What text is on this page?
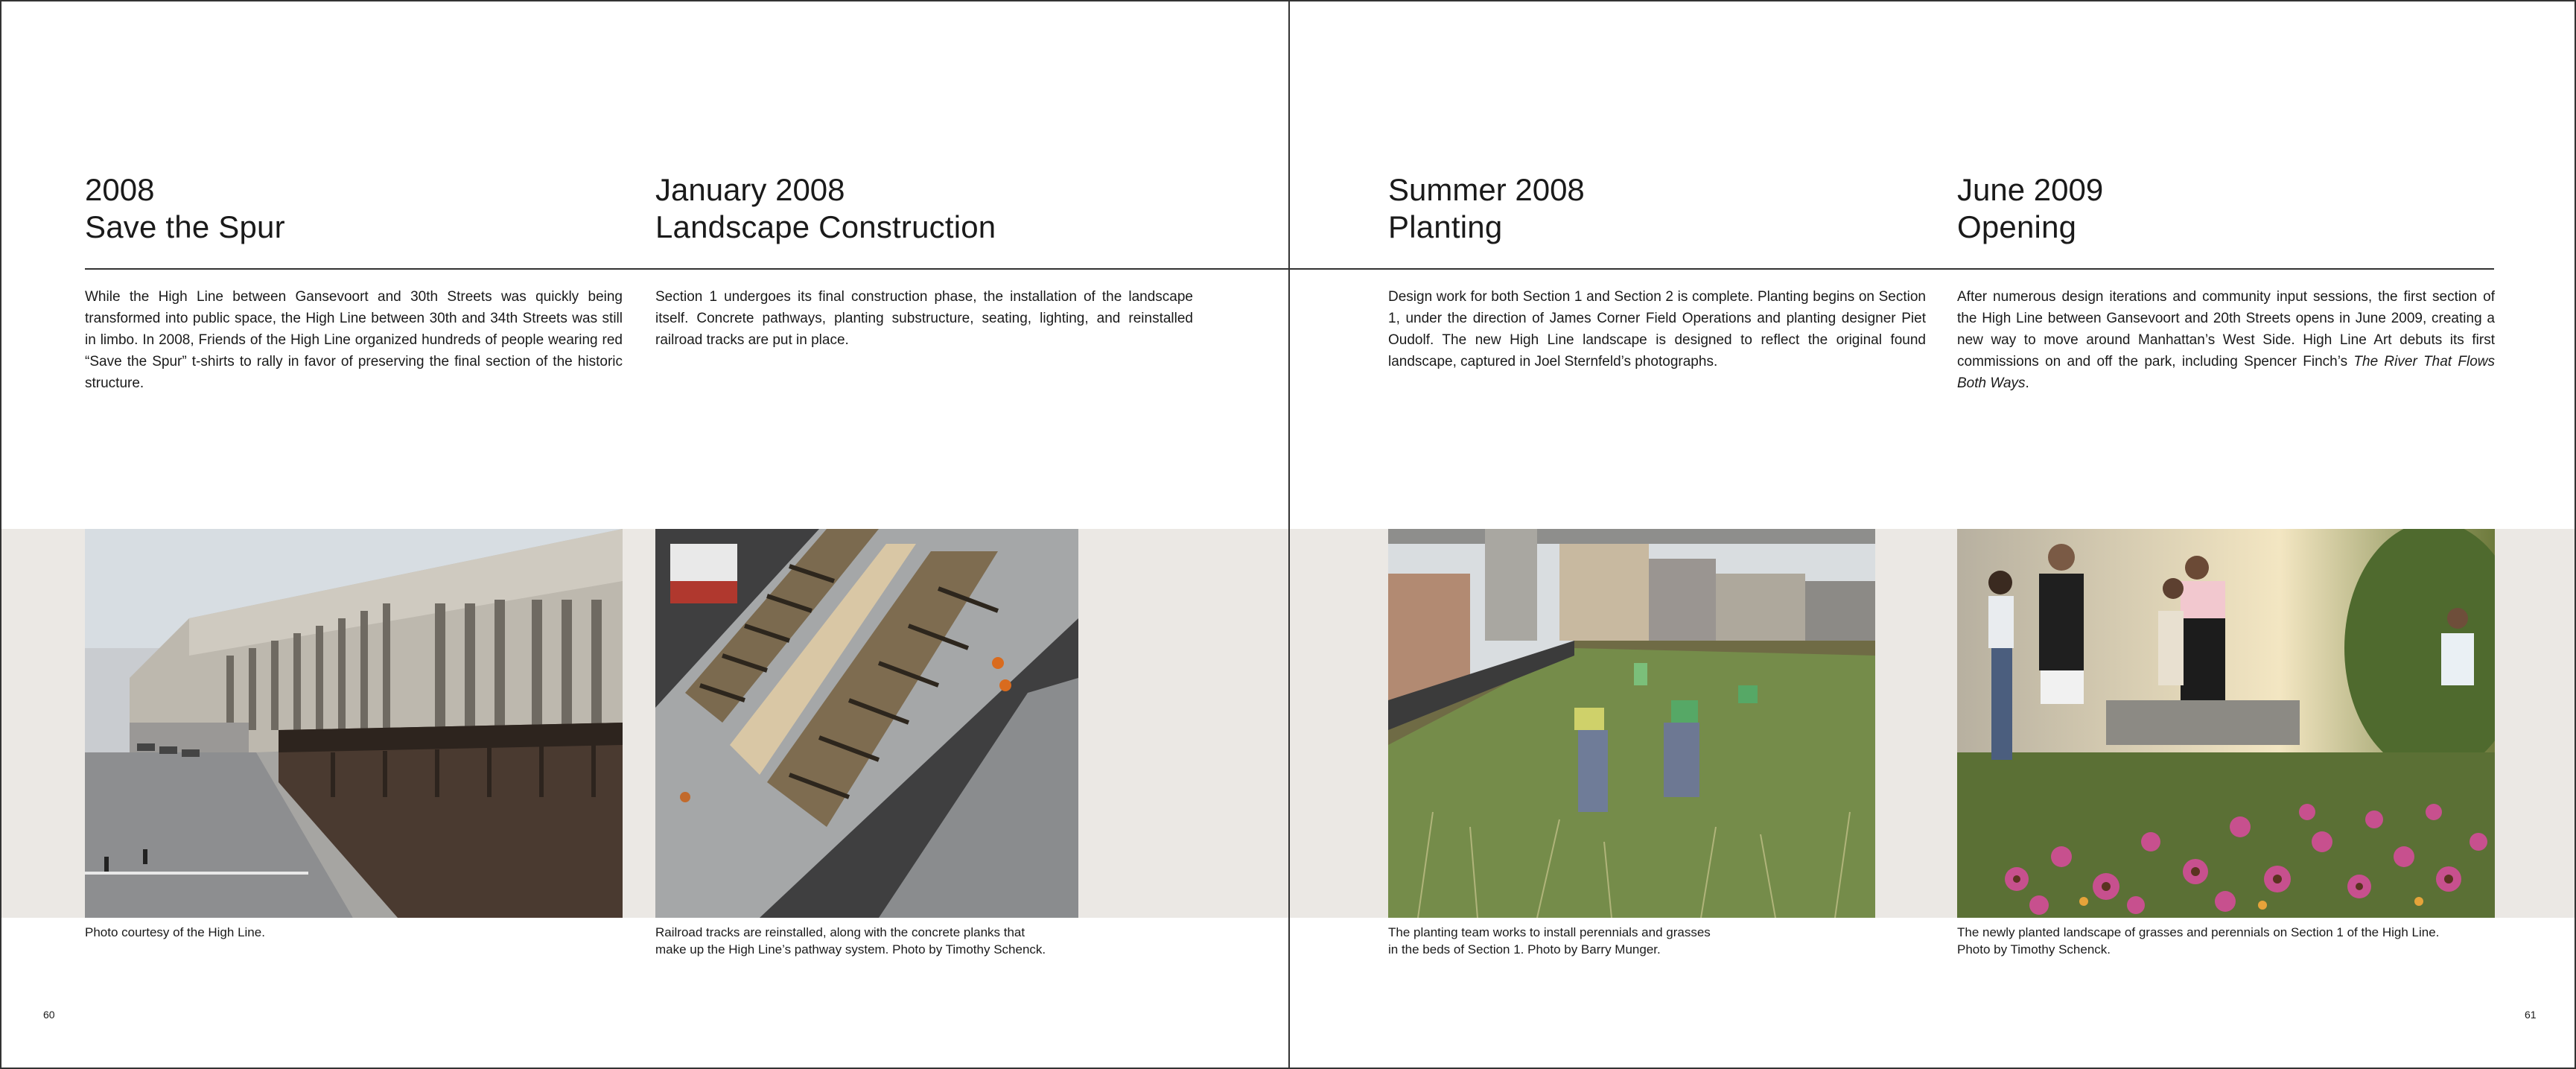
2008
Save the Spur
While the High Line between Gansevoort and 30th Streets was quickly being transformed into public space, the High Line between 30th and 34th Streets was still in limbo. In 2008, Friends of the High Line organized hundreds of people wearing red “Save the Spur” t-shirts to rally in favor of preserving the final section of the historic structure.
Photo courtesy of the High Line.
January 2008
Landscape Construction
Section 1 undergoes its final construction phase, the installation of the landscape itself. Concrete pathways, planting substructure, seating, lighting, and reinstalled railroad tracks are put in place.
Railroad tracks are reinstalled, along with the concrete planks that
make up the High Line’s pathway system. Photo by Timothy Schenck.
Summer 2008
Planting
Design work for both Section 1 and Section 2 is complete. Planting begins on Section 1, under the direction of James Corner Field Operations and planting designer Piet Oudolf. The new High Line landscape is designed to reflect the original found landscape, captured in Joel Sternfeld’s photographs.
The planting team works to install perennials and grasses
in the beds of Section 1. Photo by Barry Munger.
June 2009
Opening
After numerous design iterations and community input sessions, the first section of the High Line between Gansevoort and 20th Streets opens in June 2009, creating a new way to move around Manhattan’s West Side. High Line Art debuts its first commissions on and off the park, including Spencer Finch’s The River That Flows Both Ways.
The newly planted landscape of grasses and perennials on Section 1 of the High Line.
Photo by Timothy Schenck.
60	61
